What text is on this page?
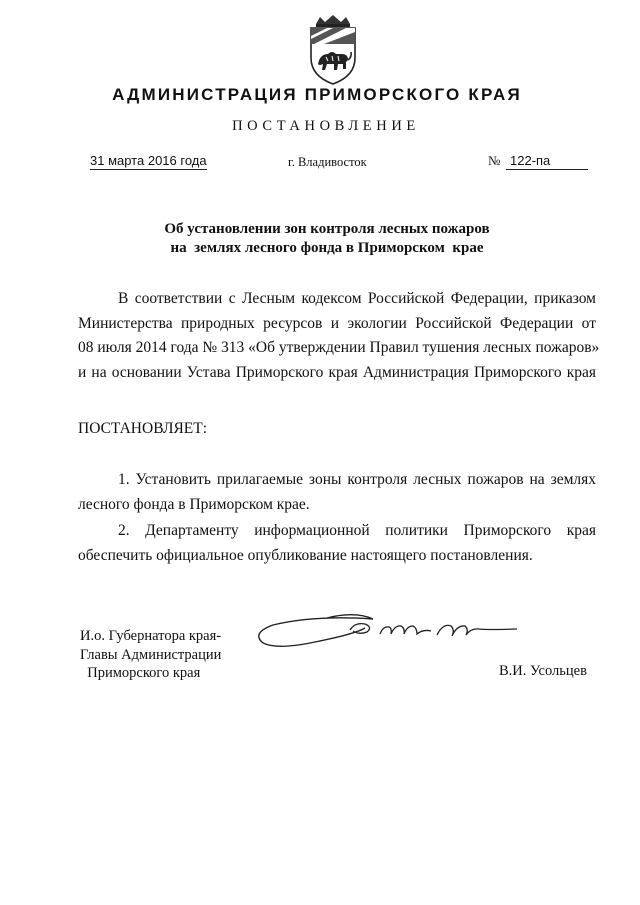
АДМИНИСТРАЦИЯ ПРИМОРСКОГО КРАЯ
ПОСТАНОВЛЕНИЕ
31 марта 2016 года	г. Владивосток	№ 122-па
Об установлении зон контроля лесных пожаров
на  землях лесного фонда в Приморском  крае
В соответствии с Лесным кодексом Российской Федерации, приказом
Министерства природных ресурсов и экологии Российской Федерации от
08 июля 2014 года № 313 «Об утверждении Правил тушения лесных пожаров»
и на основании Устава Приморского края Администрация Приморского края
ПОСТАНОВЛЯЕТ:
1. Установить прилагаемые зоны контроля лесных пожаров на землях
лесного фонда в Приморском крае.
2. Департаменту информационной политики Приморского края
обеспечить официальное опубликование настоящего постановления.
И.о. Губернатора края-
Главы Администрации
Приморского края	В.И. Усольцев
